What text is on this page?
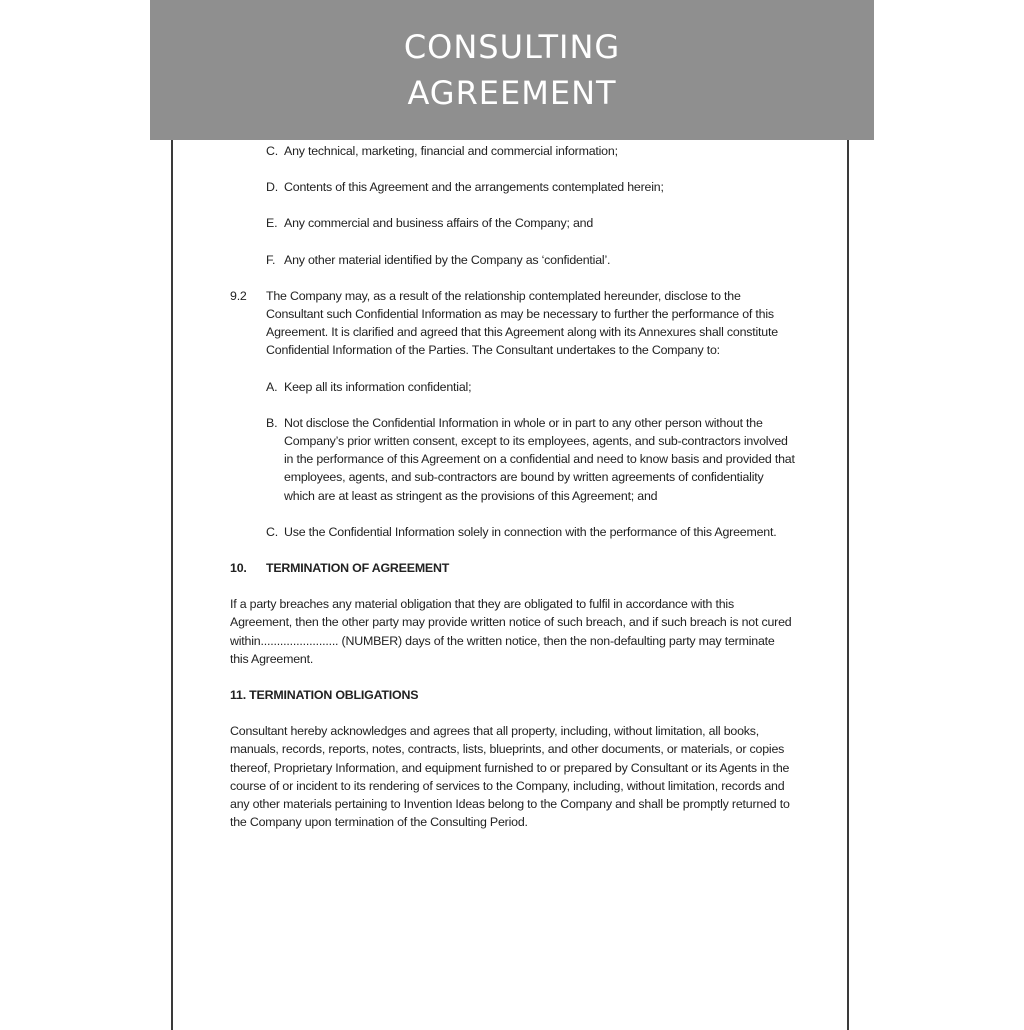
CONSULTING
AGREEMENT
C. Any technical, marketing, financial and commercial information;
D. Contents of this Agreement and the arrangements contemplated herein;
E. Any commercial and business affairs of the Company; and
F. Any other material identified by the Company as ‘confidential’.
9.2 The Company may, as a result of the relationship contemplated hereunder, disclose to the Consultant such Confidential Information as may be necessary to further the performance of this Agreement. It is clarified and agreed that this Agreement along with its Annexures shall constitute Confidential Information of the Parties. The Consultant undertakes to the Company to:
A. Keep all its information confidential;
B. Not disclose the Confidential Information in whole or in part to any other person without the Company’s prior written consent, except to its employees, agents, and sub-contractors involved in the performance of this Agreement on a confidential and need to know basis and provided that employees, agents, and sub-contractors are bound by written agreements of confidentiality which are at least as stringent as the provisions of this Agreement; and
C. Use the Confidential Information solely in connection with the performance of this Agreement.
10. TERMINATION OF AGREEMENT
If a party breaches any material obligation that they are obligated to fulfil in accordance with this Agreement, then the other party may provide written notice of such breach, and if such breach is not cured within........................ (NUMBER) days of the written notice, then the non-defaulting party may terminate this Agreement.
11. TERMINATION OBLIGATIONS
Consultant hereby acknowledges and agrees that all property, including, without limitation, all books, manuals, records, reports, notes, contracts, lists, blueprints, and other documents, or materials, or copies thereof, Proprietary Information, and equipment furnished to or prepared by Consultant or its Agents in the course of or incident to its rendering of services to the Company, including, without limitation, records and any other materials pertaining to Invention Ideas belong to the Company and shall be promptly returned to the Company upon termination of the Consulting Period.
